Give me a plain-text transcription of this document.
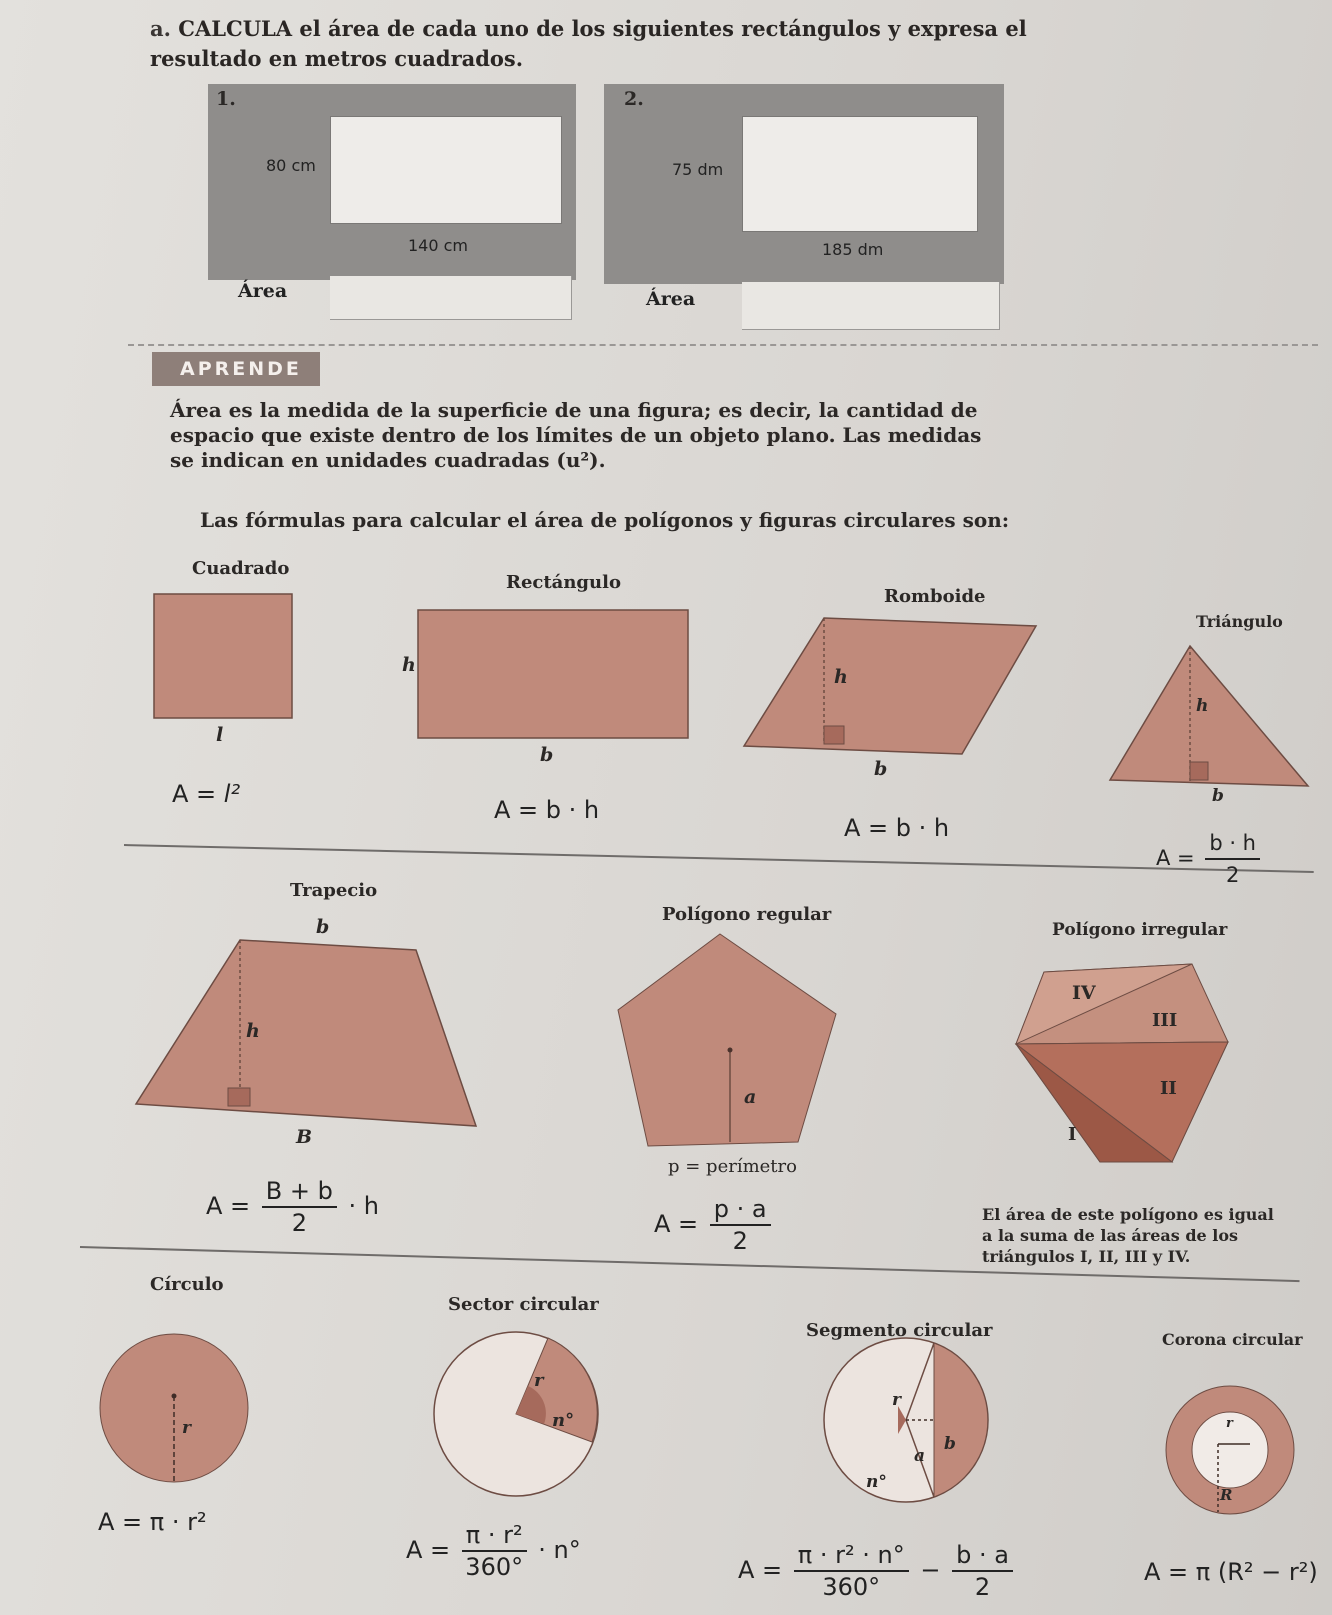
a. CALCULA el área de cada uno de los siguientes rectángulos y expresa el resultado en metros cuadrados.
1.
80 cm
140 cm
Área
2.
75 dm
185 dm
Área
APRENDE
Área es la medida de la superficie de una figura; es decir, la cantidad de espacio que existe dentro de los límites de un objeto plano. Las medidas se indican en unidades cuadradas (u²).
Las fórmulas para calcular el área de polígonos y figuras circulares son:
Cuadrado
Rectángulo
Romboide
Triángulo
l
h
b
h
b
h
b
A = l²
A = b · h
A = b · h
$A = \frac{b \cdot h}{2}$
Trapecio
Polígono regular
Polígono irregular
b
h
B
a
p = perímetro
IV
III
II
I
$A = \frac{B + b}{2} \cdot h$
$A = \frac{p \cdot a}{2}$	El área de este polígono es igual a la suma de las áreas de los triángulos I, II, III y IV.
Círculo
Sector circular
Segmento circular	Corona circular
r
r
n°
r
a
b
n°
r
R
A = π · r²
$A = \frac{\text{π · r²}}{360^\circ} \cdot n^\circ$
$A = \frac{\text{π · r² · n°}}{360^\circ} - \frac{b \cdot a}{2}$	A = π (R² − r²)
